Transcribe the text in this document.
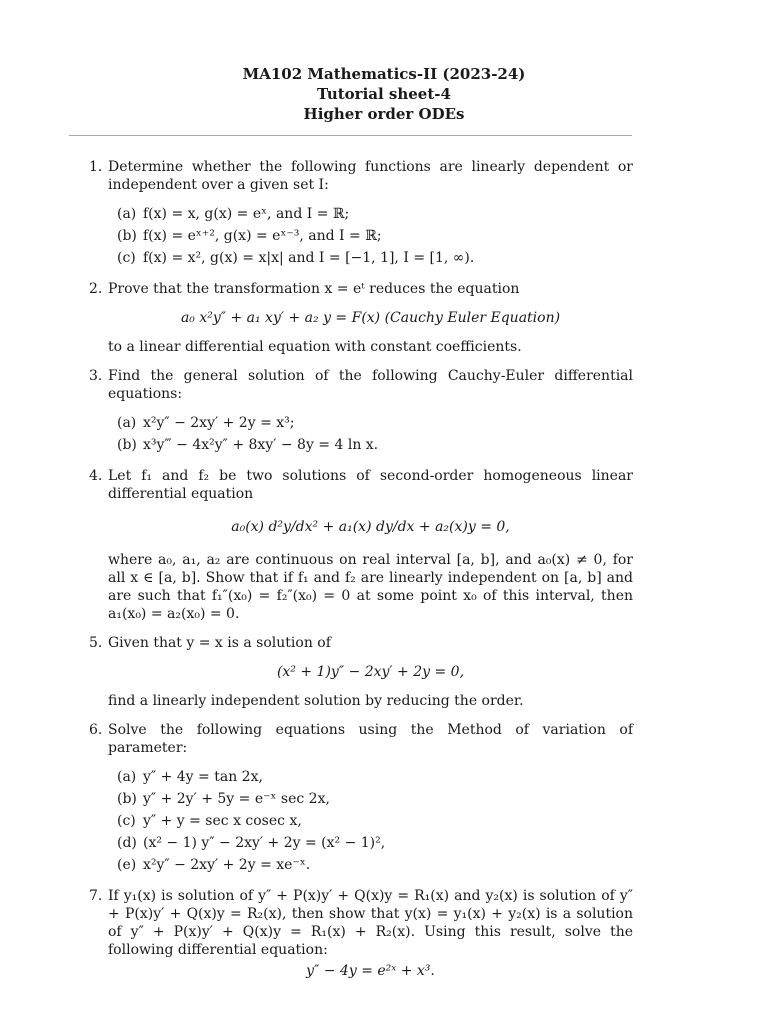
MA102 Mathematics-II (2023-24)
Tutorial sheet-4
Higher order ODEs
1. Determine whether the following functions are linearly dependent or independent over a given set I:

(a) f(x) = x, g(x) = eˣ, and I = ℝ;
(b) f(x) = eˣ⁺², g(x) = eˣ⁻³, and I = ℝ;
(c) f(x) = x², g(x) = x|x| and I = [−1, 1], I = [1, ∞).
2. Prove that the transformation x = eᵗ reduces the equation

a₀ x²y″ + a₁ xy′ + a₂ y = F(x) (Cauchy Euler Equation)

to a linear differential equation with constant coefficients.

3. Find the general solution of the following Cauchy-Euler differential equations:

(a) x²y″ − 2xy′ + 2y = x³;
(b) x³y‴ − 4x²y″ + 8xy′ − 8y = 4 ln x.
4. Let f₁ and f₂ be two solutions of second-order homogeneous linear differential equation

a₀(x) d²y/dx² + a₁(x) dy/dx + a₂(x)y = 0,

where a₀, a₁, a₂ are continuous on real interval [a, b], and a₀(x) ≠ 0, for all x ∈ [a, b]. Show that if f₁ and f₂ are linearly independent on [a, b] and are such that f₁″(x₀) = f₂″(x₀) = 0 at some point x₀ of this interval, then a₁(x₀) = a₂(x₀) = 0.

5. Given that y = x is a solution of

(x² + 1)y″ − 2xy′ + 2y = 0,

find a linearly independent solution by reducing the order.

6. Solve the following equations using the Method of variation of parameter:

(a) y″ + 4y = tan 2x,
(b) y″ + 2y′ + 5y = e⁻ˣ sec 2x,
(c) y″ + y = sec x cosec x,
(d) (x² − 1) y″ − 2xy′ + 2y = (x² − 1)²,
(e) x²y″ − 2xy′ + 2y = xe⁻ˣ.
7. If y₁(x) is solution of y″ + P(x)y′ + Q(x)y = R₁(x) and y₂(x) is solution of y″ + P(x)y′ + Q(x)y = R₂(x), then show that y(x) = y₁(x) + y₂(x) is a solution of y″ + P(x)y′ + Q(x)y = R₁(x) + R₂(x). Using this result, solve the following differential equation:

y″ − 4y = e²ˣ + x³.
